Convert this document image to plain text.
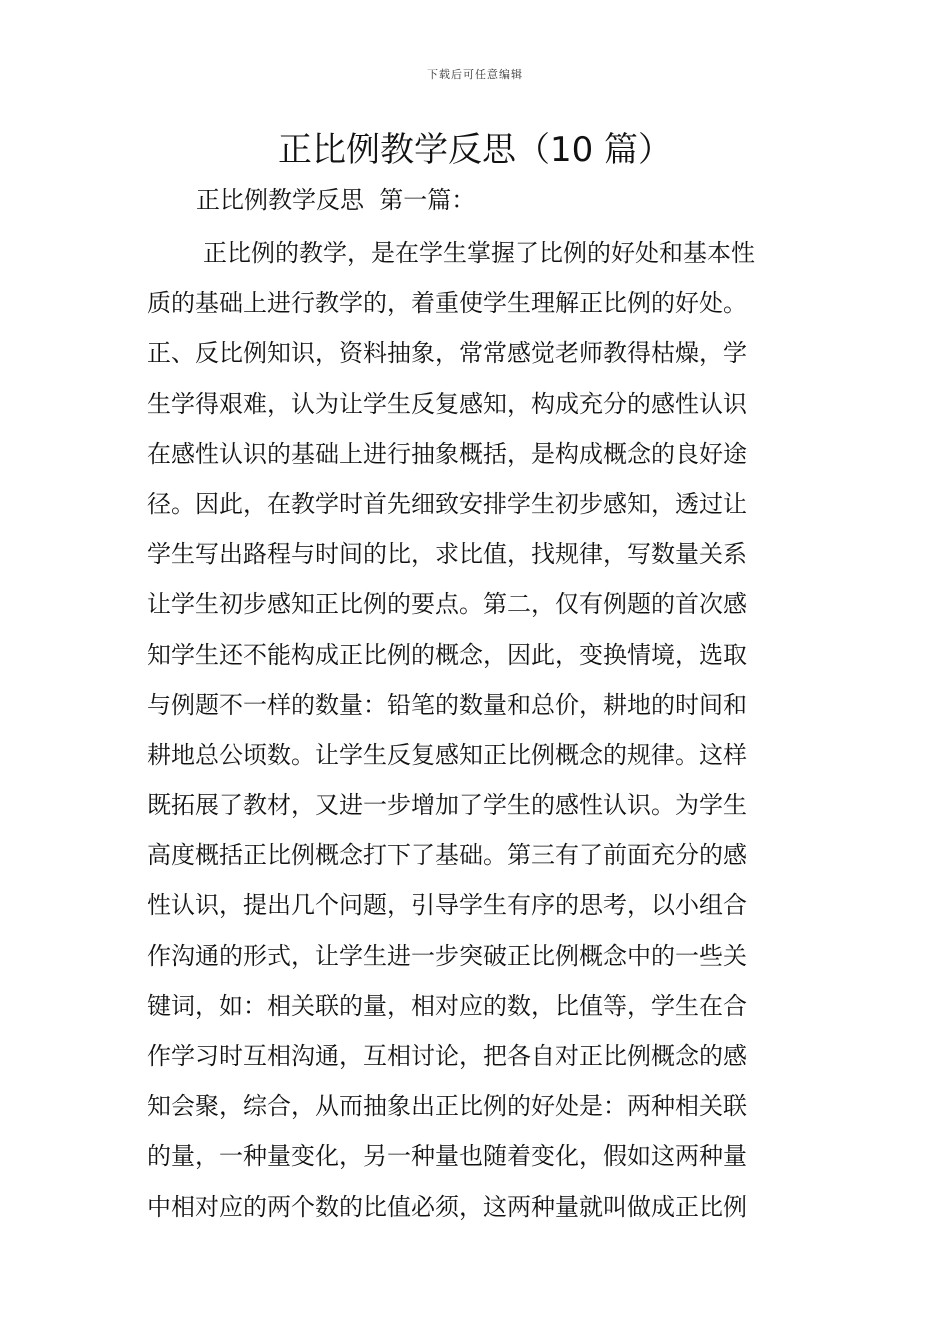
下载后可任意编辑
正比例教学反思（10 篇）
正比例教学反思  第一篇：
正比例的教学，是在学生掌握了比例的好处和基本性
质的基础上进行教学的，着重使学生理解正比例的好处。
正、反比例知识，资料抽象，常常感觉老师教得枯燥，学
生学得艰难，认为让学生反复感知，构成充分的感性认识
在感性认识的基础上进行抽象概括，是构成概念的良好途
径。因此，在教学时首先细致安排学生初步感知，透过让
学生写出路程与时间的比，求比值，找规律，写数量关系
让学生初步感知正比例的要点。第二，仅有例题的首次感
知学生还不能构成正比例的概念，因此，变换情境，选取
与例题不一样的数量：铅笔的数量和总价，耕地的时间和
耕地总公顷数。让学生反复感知正比例概念的规律。这样
既拓展了教材，又进一步增加了学生的感性认识。为学生
高度概括正比例概念打下了基础。第三有了前面充分的感
性认识，提出几个问题，引导学生有序的思考，以小组合
作沟通的形式，让学生进一步突破正比例概念中的一些关
键词，如：相关联的量，相对应的数，比值等，学生在合
作学习时互相沟通，互相讨论，把各自对正比例概念的感
知会聚，综合，从而抽象出正比例的好处是：两种相关联
的量，一种量变化，另一种量也随着变化，假如这两种量
中相对应的两个数的比值必须，这两种量就叫做成正比例
